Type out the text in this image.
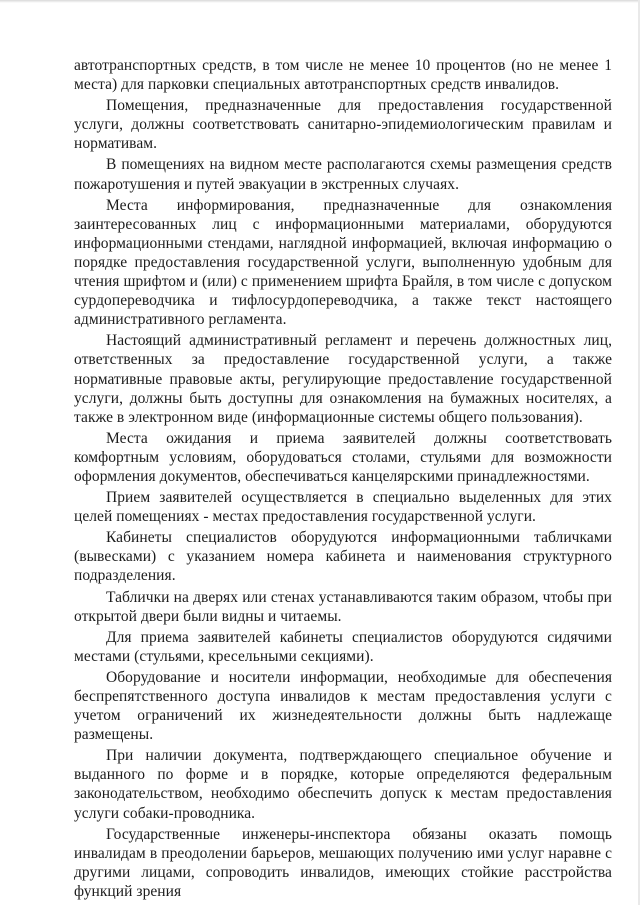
автотранспортных средств, в том числе не менее 10 процентов (но не менее 1 места) для парковки специальных автотранспортных средств инвалидов.

Помещения, предназначенные для предоставления государственной услуги, должны соответствовать санитарно-эпидемиологическим правилам и нормативам.

В помещениях на видном месте располагаются схемы размещения средств пожаротушения и путей эвакуации в экстренных случаях.

Места информирования, предназначенные для ознакомления заинтересованных лиц с информационными материалами, оборудуются информационными стендами, наглядной информацией, включая информацию о порядке предоставления государственной услуги, выполненную удобным для чтения шрифтом и (или) с применением шрифта Брайля, в том числе с допуском сурдопереводчика и тифлосурдопереводчика, а также текст настоящего административного регламента.

Настоящий административный регламент и перечень должностных лиц, ответственных за предоставление государственной услуги, а также нормативные правовые акты, регулирующие предоставление государственной услуги, должны быть доступны для ознакомления на бумажных носителях, а также в электронном виде (информационные системы общего пользования).

Места ожидания и приема заявителей должны соответствовать комфортным условиям, оборудоваться столами, стульями для возможности оформления документов, обеспечиваться канцелярскими принадлежностями.

Прием заявителей осуществляется в специально выделенных для этих целей помещениях - местах предоставления государственной услуги.

Кабинеты специалистов оборудуются информационными табличками (вывесками) с указанием номера кабинета и наименования структурного подразделения.

Таблички на дверях или стенах устанавливаются таким образом, чтобы при открытой двери были видны и читаемы.

Для приема заявителей кабинеты специалистов оборудуются сидячими местами (стульями, кресельными секциями).

Оборудование и носители информации, необходимые для обеспечения беспрепятственного доступа инвалидов к местам предоставления услуги с учетом ограничений их жизнедеятельности должны быть надлежаще размещены.

При наличии документа, подтверждающего специальное обучение и выданного по форме и в порядке, которые определяются федеральным законодательством, необходимо обеспечить допуск к местам предоставления услуги собаки-проводника.

Государственные инженеры-инспектора обязаны оказать помощь инвалидам в преодолении барьеров, мешающих получению ими услуг наравне с другими лицами, сопроводить инвалидов, имеющих стойкие расстройства функций зрения
